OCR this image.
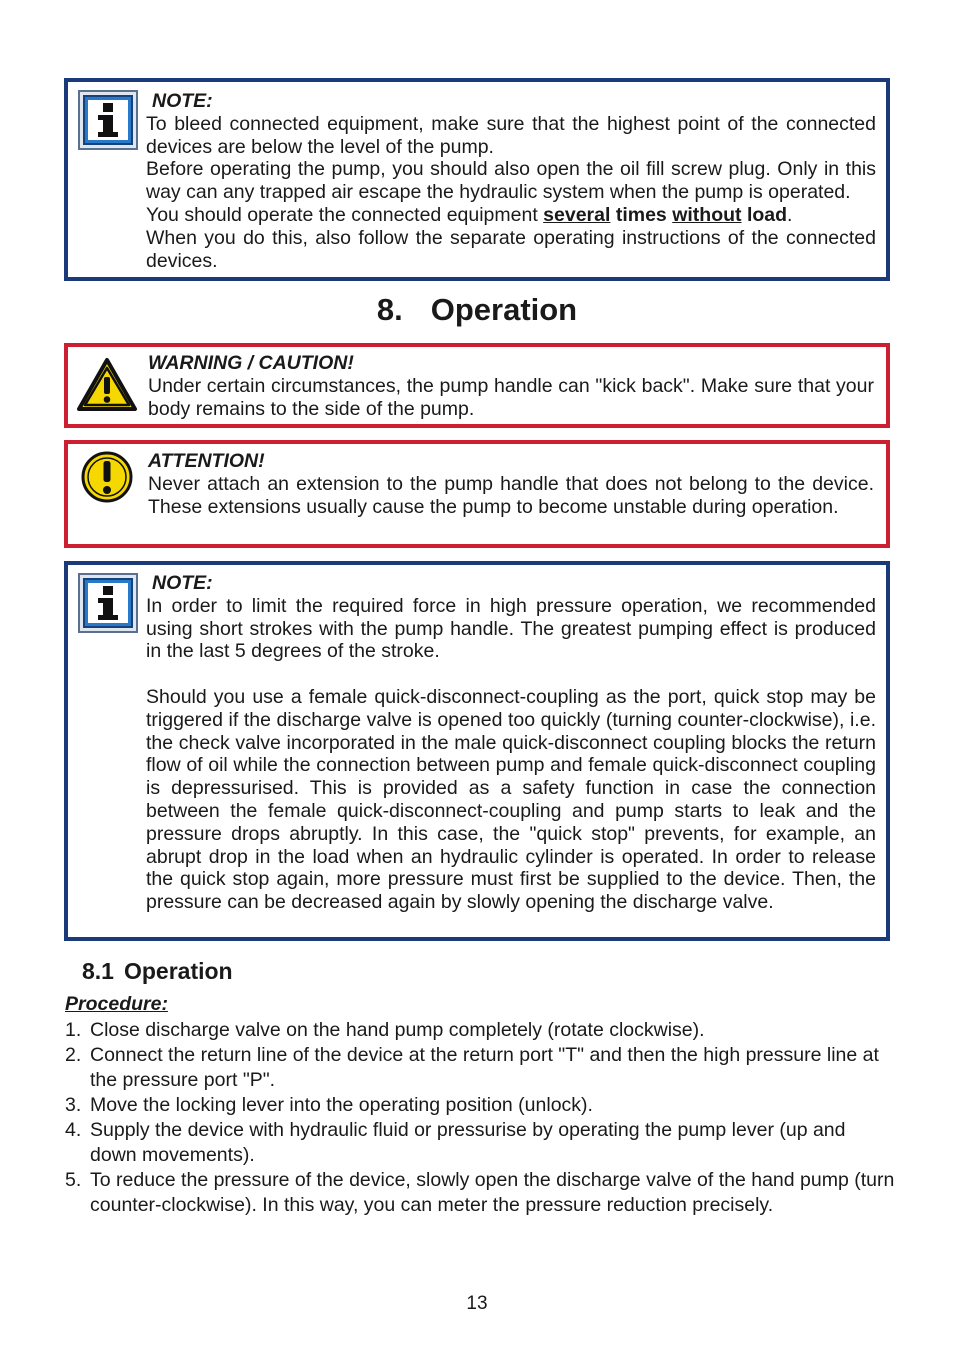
NOTE:

To bleed connected equipment, make sure that the highest point of the connected devices are below the level of the pump.

Before operating the pump, you should also open the oil fill screw plug. Only in this way can any trapped air escape the hydraulic system when the pump is operated.

You should operate the connected equipment several times without load.

When you do this, also follow the separate operating instructions of the connected devices.

8. Operation
WARNING / CAUTION!

Under certain circumstances, the pump handle can "kick back". Make sure that your body remains to the side of the pump.

ATTENTION!

Never attach an extension to the pump handle that does not belong to the device. These extensions usually cause the pump to become unstable during operation.

NOTE:

In order to limit the required force in high pressure operation, we recommended using short strokes with the pump handle. The greatest pumping effect is produced in the last 5 degrees of the stroke.

Should you use a female quick-disconnect-coupling as the port, quick stop may be triggered if the discharge valve is opened too quickly (turning counter-clockwise), i.e. the check valve incorporated in the male quick-disconnect coupling blocks the return flow of oil while the connection between pump and female quick-disconnect coupling is depressurised. This is provided as a safety function in case the connection between the female quick-disconnect-coupling and pump starts to leak and the pressure drops abruptly. In this case, the "quick stop" prevents, for example, an abrupt drop in the load when an hydraulic cylinder is operated. In order to release the quick stop again, more pressure must first be supplied to the device. Then, the pressure can be decreased again by slowly opening the discharge valve.

8.1 Operation
Procedure:
1. Close discharge valve on the hand pump completely (rotate clockwise).
2. Connect the return line of the device at the return port "T" and then the high pressure line at the pressure port "P".
3. Move the locking lever into the operating position (unlock).
4. Supply the device with hydraulic fluid or pressurise by operating the pump lever (up and down movements).
5. To reduce the pressure of the device, slowly open the discharge valve of the hand pump (turn counter-clockwise). In this way, you can meter the pressure reduction precisely.
13
